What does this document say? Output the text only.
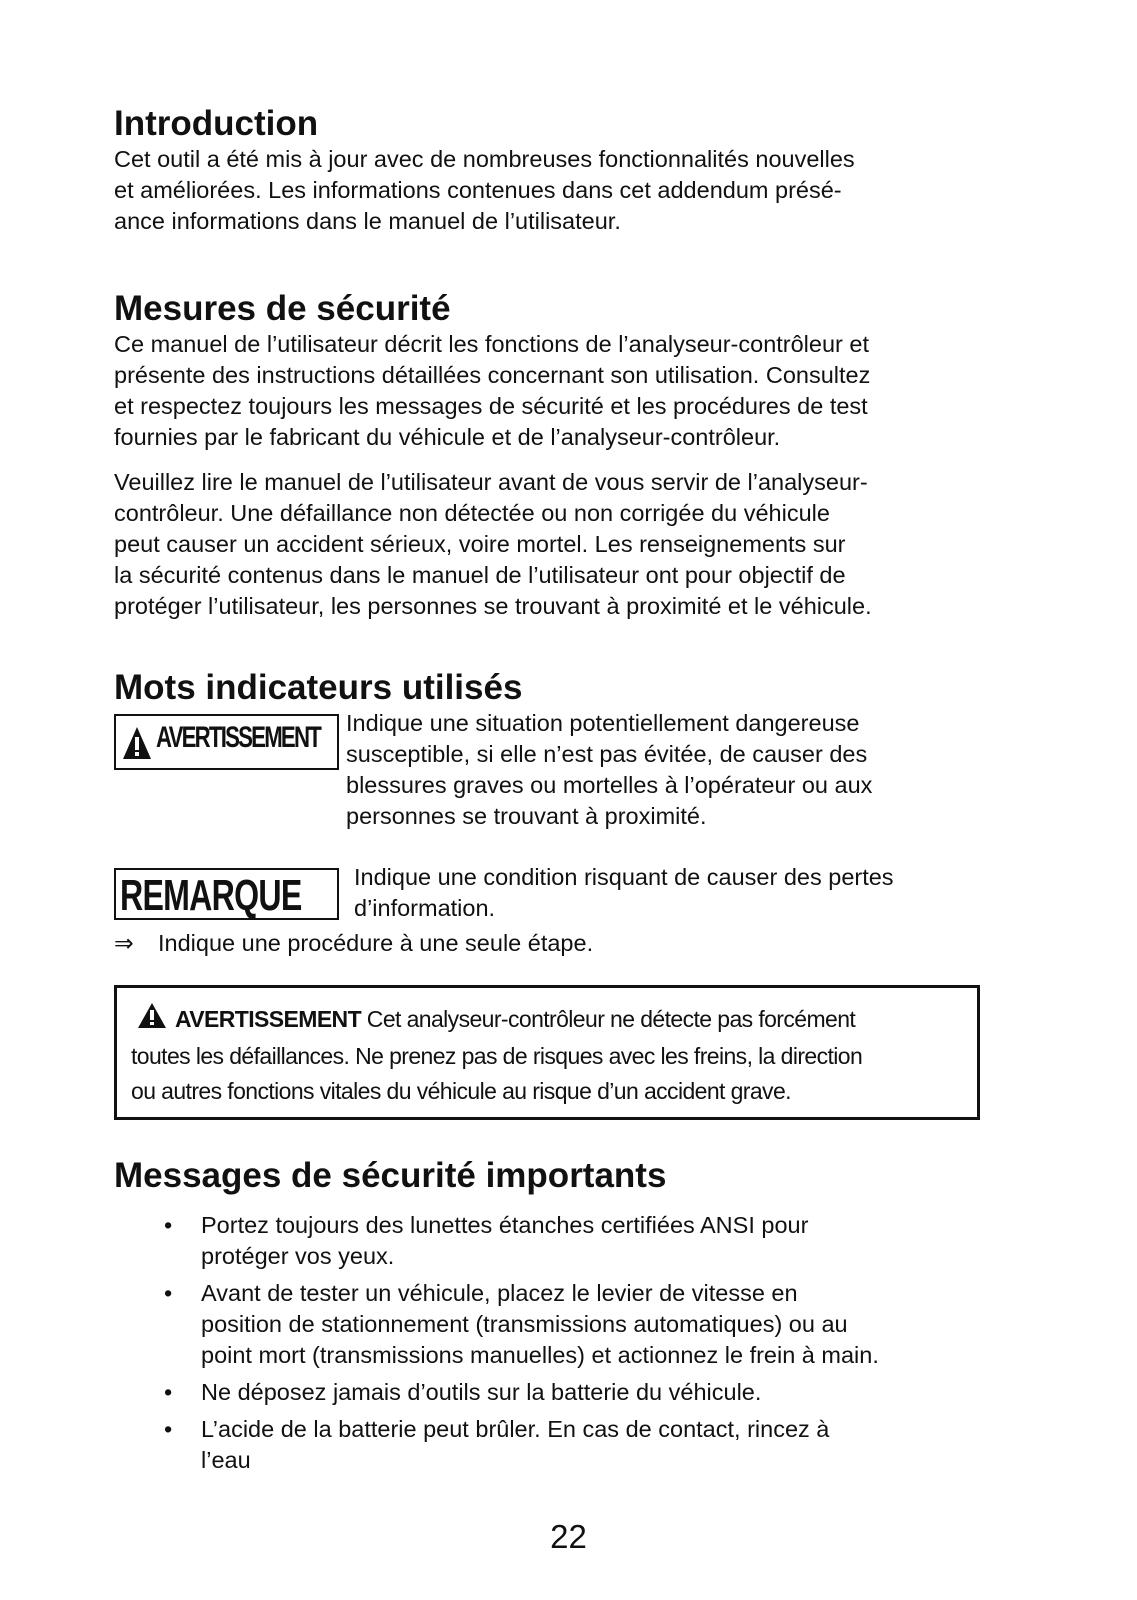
Introduction

Cet outil a été mis à jour avec de nombreuses fonctionnalités nouvelles

et améliorées. Les informations contenues dans cet addendum présé-

ance informations dans le manuel de l’utilisateur.

Mesures de sécurité

Ce manuel de l’utilisateur décrit les fonctions de l’analyseur-contrôleur et

présente des instructions détaillées concernant son utilisation. Consultez

et respectez toujours les messages de sécurité et les procédures de test

fournies par le fabricant du véhicule et de l’analyseur-contrôleur.

Veuillez lire le manuel de l’utilisateur avant de vous servir de l’analyseur-

contrôleur. Une défaillance non détectée ou non corrigée du véhicule

peut causer un accident sérieux, voire mortel. Les renseignements sur

la sécurité contenus dans le manuel de l’utilisateur ont pour objectif de

protéger l’utilisateur, les personnes se trouvant à proximité et le véhicule.

Mots indicateurs utilisés
AVERTISSEMENT Indique une situation potentiellement dangereuse

susceptible, si elle n’est pas évitée, de causer des

blessures graves ou mortelles à l’opérateur ou aux

personnes se trouvant à proximité.

REMARQUE Indique une condition risquant de causer des pertes

d’information.

⇒	Indique une procédure à une seule étape.

AVERTISSEMENT Cet analyseur-contrôleur ne détecte pas forcément

toutes les défaillances. Ne prenez pas de risques avec les freins, la direction

ou autres fonctions vitales du véhicule au risque d’un accident grave.

Messages de sécurité importants
• Portez toujours des lunettes étanches certifiées ANSI pour
protéger vos yeux.
• Avant de tester un véhicule, placez le levier de vitesse en
position de stationnement (transmissions automatiques) ou au
point mort (transmissions manuelles) et actionnez le frein à main.
• Ne déposez jamais d’outils sur la batterie du véhicule.
• L’acide de la batterie peut brûler. En cas de contact, rincez à
l’eau
22
